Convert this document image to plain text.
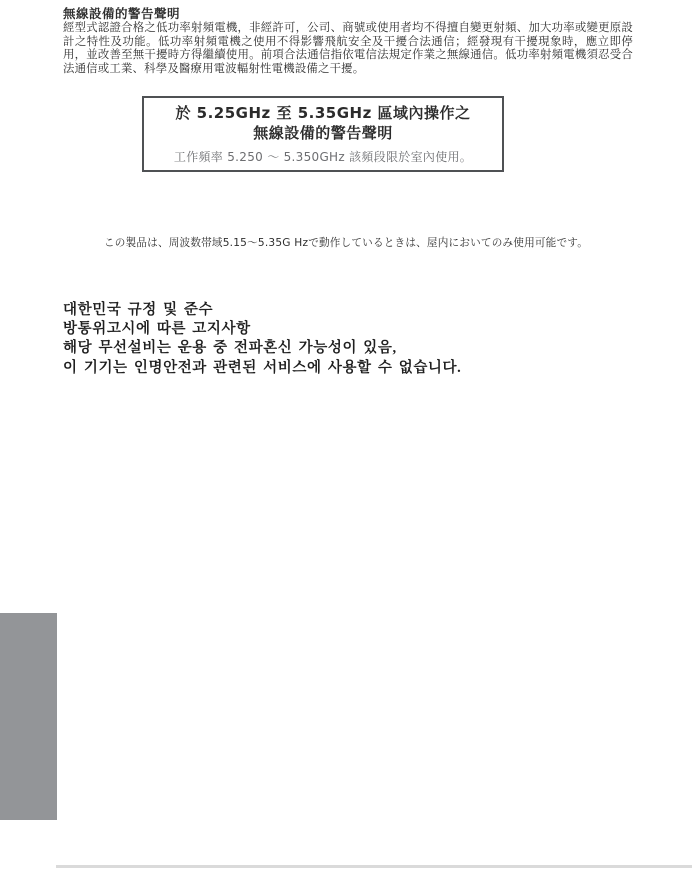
無線設備的警告聲明
經型式認證合格之低功率射頻電機，非經許可，公司、商號或使用者均不得擅自變更射頻、加大功率或變更原設計之特性及功能。低功率射頻電機之使用不得影響飛航安全及干擾合法通信；經發現有干擾現象時，應立即停用，並改善至無干擾時方得繼續使用。前項合法通信指依電信法規定作業之無線通信。低功率射頻電機須忍受合法通信或工業、科學及醫療用電波輻射性電機設備之干擾。
於 5.25GHz 至 5.35GHz 區域內操作之
無線設備的警告聲明
工作頻率 5.250 ～ 5.350GHz 該頻段限於室內使用。
この製品は、周波数帯域5.15～5.35G Hzで動作しているときは、屋内においてのみ使用可能です。
대한민국 규정 및 준수
방통위고시에 따른 고지사항
해당 무선설비는 운용 중 전파혼신 가능성이 있음,
이 기기는 인명안전과 관련된 서비스에 사용할 수 없습니다.
